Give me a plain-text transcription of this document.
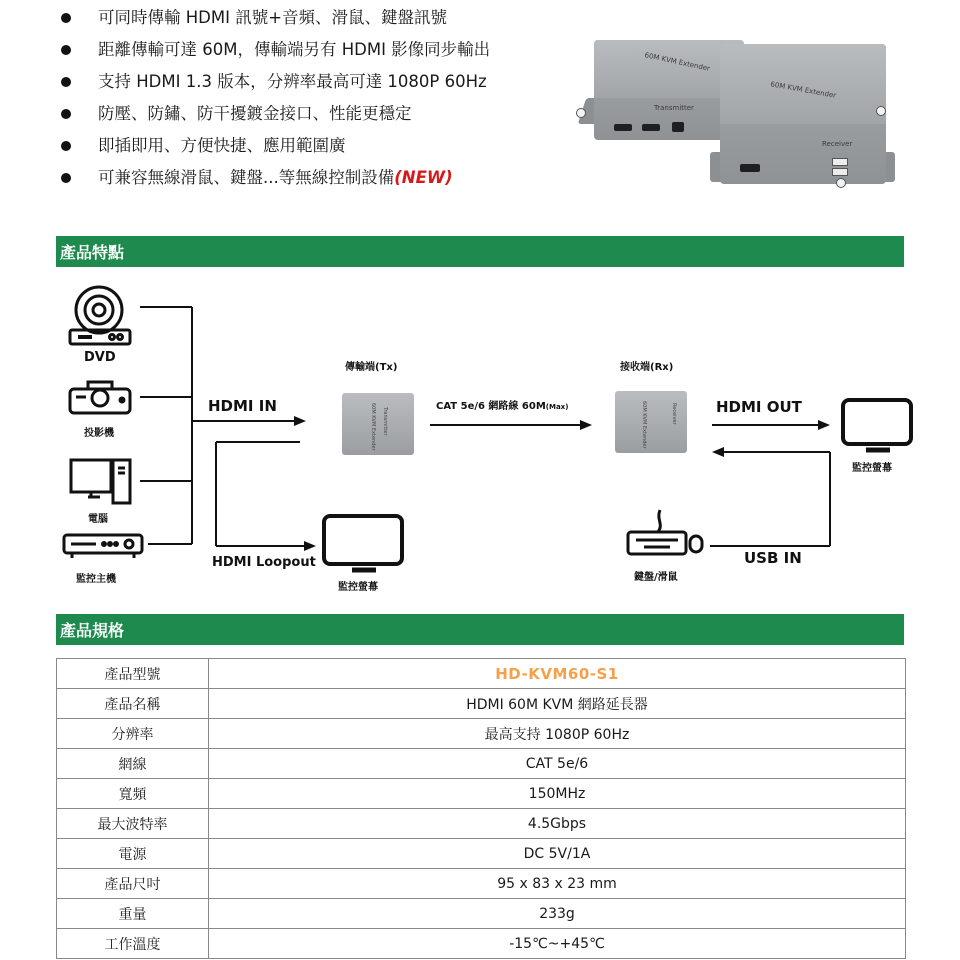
可同時傳輸 HDMI 訊號+音頻、滑鼠、鍵盤訊號
距離傳輸可達 60M，傳輸端另有 HDMI 影像同步輸出
支持 HDMI 1.3 版本，分辨率最高可達 1080P 60Hz
防壓、防鏽、防干擾鍍金接口、性能更穩定
即插即用、方便快捷、應用範圍廣
可兼容無線滑鼠、鍵盤...等無線控制設備(NEW)
60M KVM Extender
Transmitter
60M KVM Extender
Receiver
產品特點
60M KVM Extender Transmitter	60M KVM Extender	Receiver
DVD
投影機
電腦
監控主機
HDMI IN
HDMI Loopout
傳輸端(Tx)	接收端(Rx)
CAT 5e/6 網路線 60M(Max)	HDMI OUT
USB IN
監控螢幕
監控螢幕
鍵盤/滑鼠
產品規格
產品型號	HD-KVM60-S1
產品名稱	HDMI 60M KVM 網路延長器
分辨率	最高支持 1080P 60Hz
網線	CAT 5e/6
寬頻	150MHz
最大波特率	4.5Gbps
電源	DC 5V/1A
產品尺吋	95 x 83 x 23 mm
重量	233g
工作溫度	-15℃~+45℃
